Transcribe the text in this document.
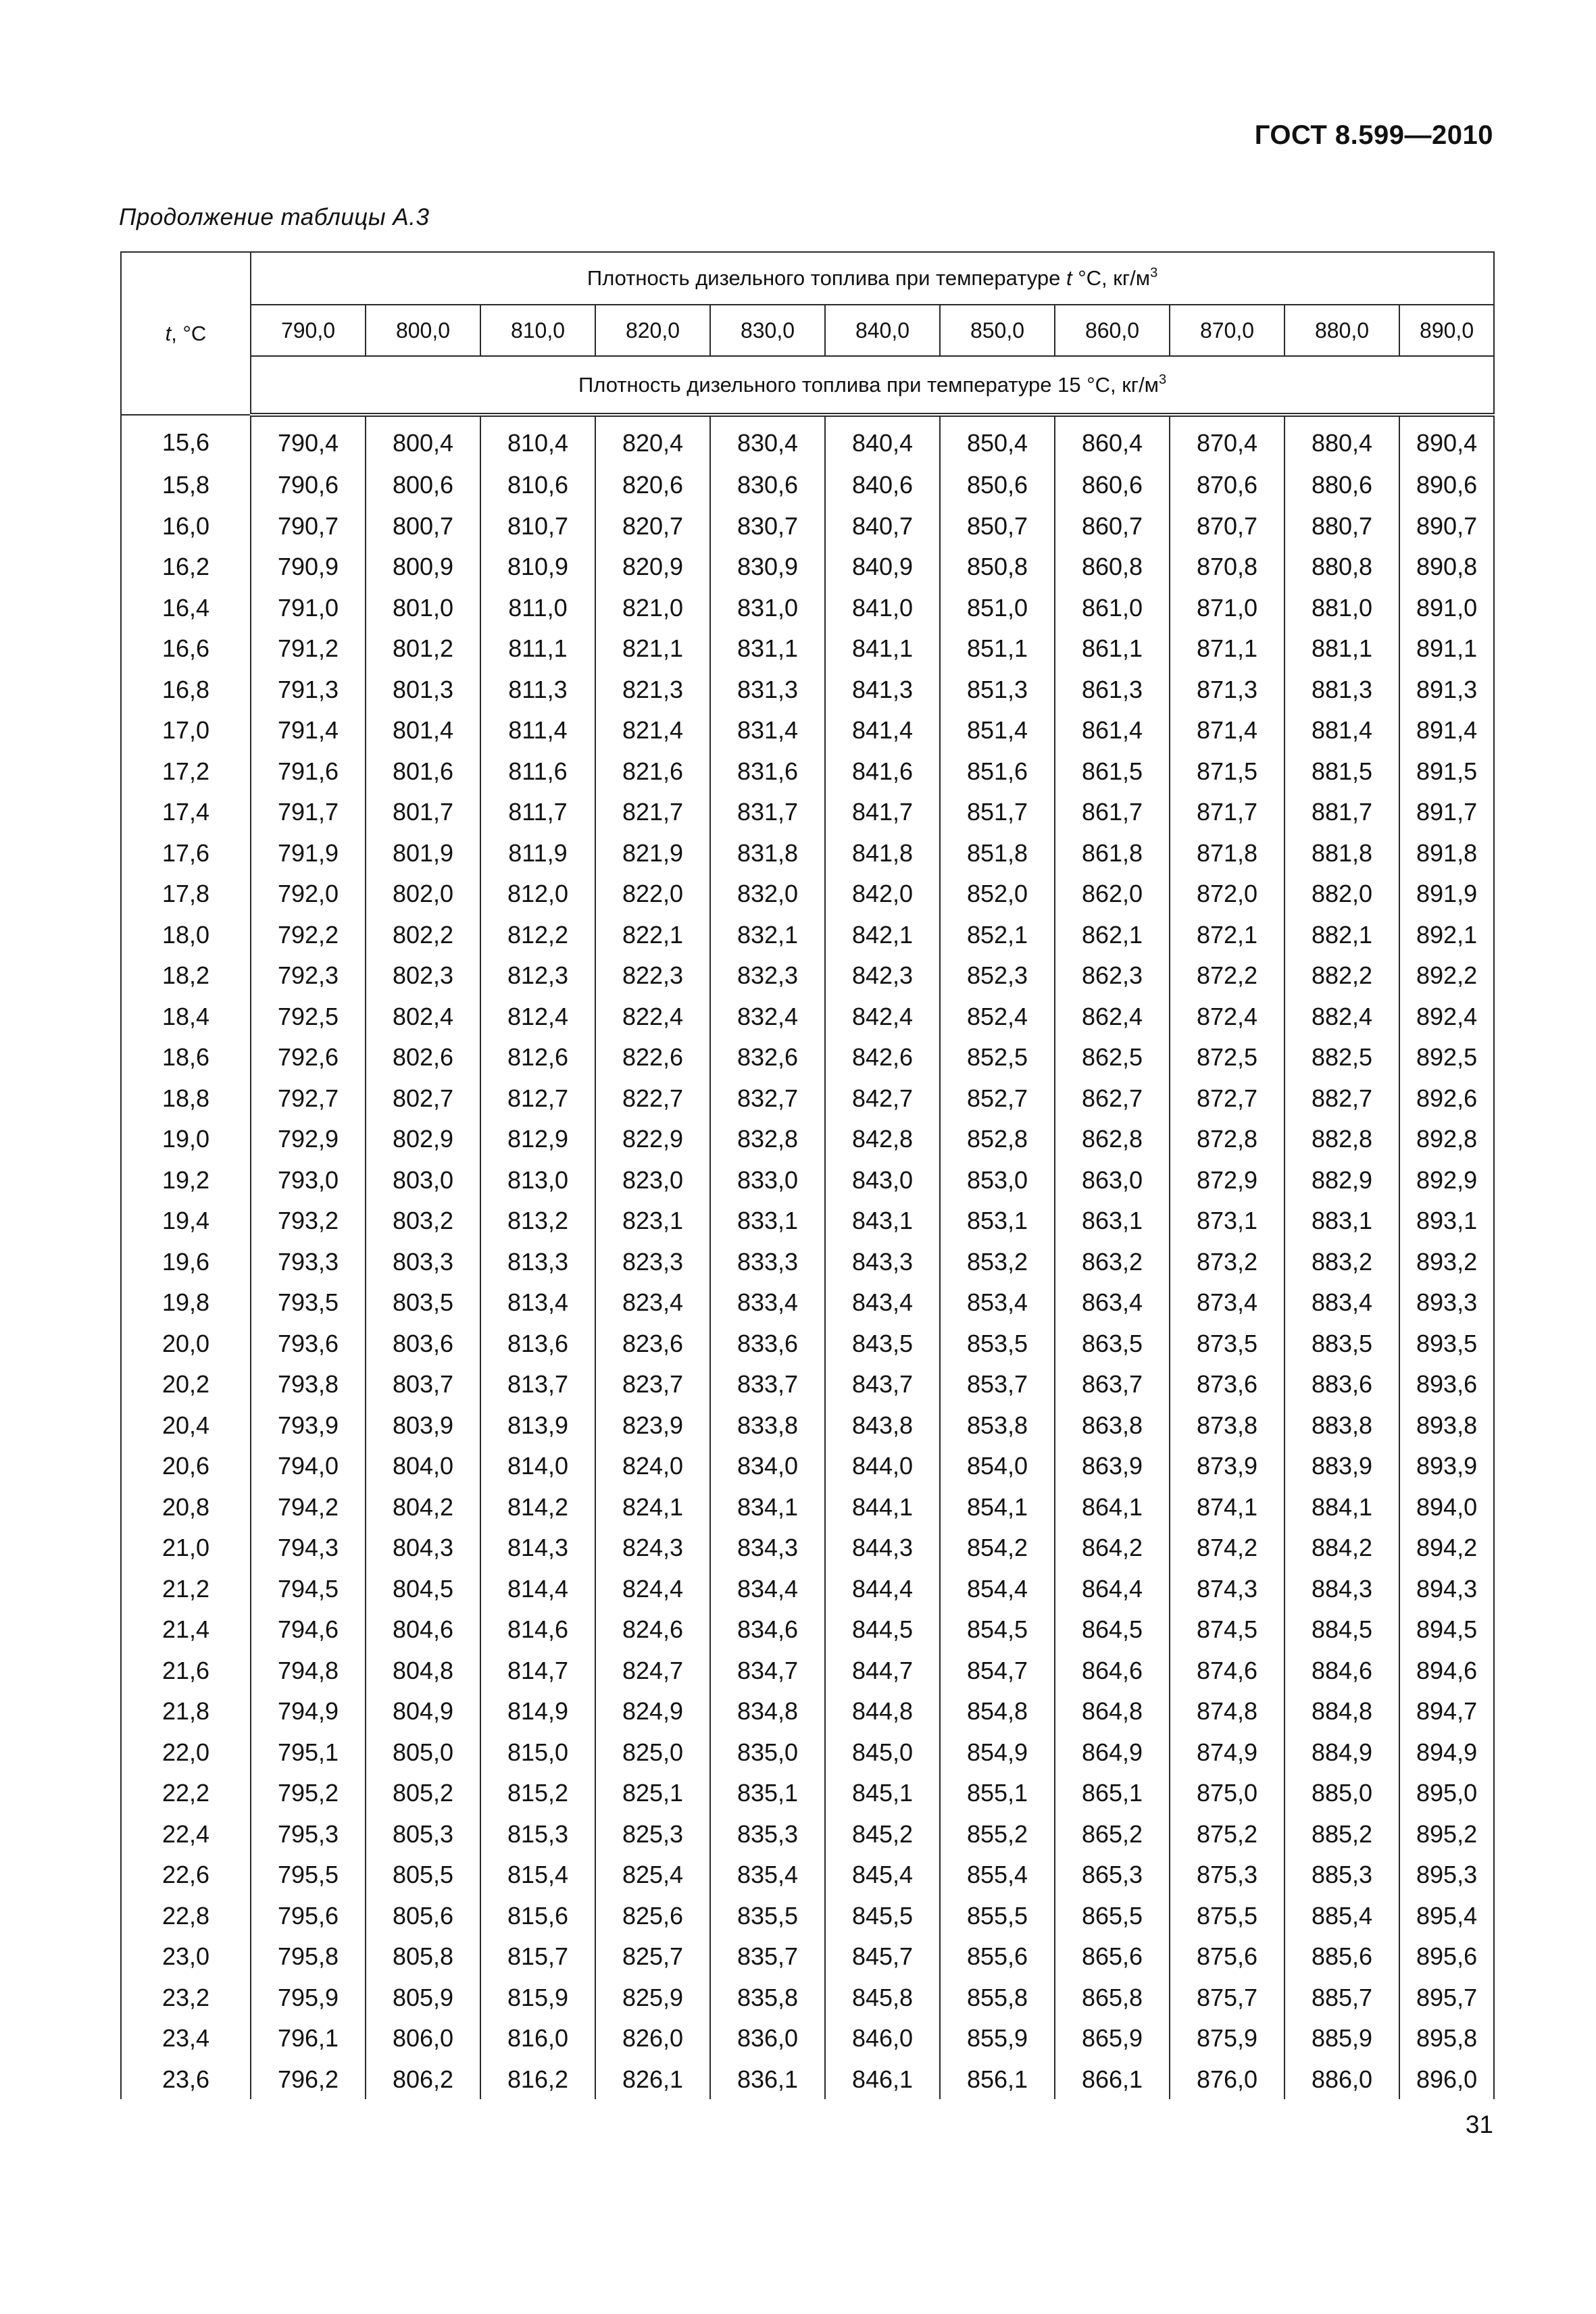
ГОСТ 8.599—2010
Продолжение таблицы А.3
t, °С	Плотность дизельного топлива при температуре t °С, $кг/м^3$
	790,0	800,0	810,0	820,0	830,0	840,0	850,0	860,0	870,0	880,0	890,0
	Плотность дизельного топлива при температуре 15 °С, $кг/м^3$
15,6	790,4	800,4	810,4	820,4	830,4	840,4	850,4	860,4	870,4	880,4	890,4
15,8	790,6	800,6	810,6	820,6	830,6	840,6	850,6	860,6	870,6	880,6	890,6
16,0	790,7	800,7	810,7	820,7	830,7	840,7	850,7	860,7	870,7	880,7	890,7
16,2	790,9	800,9	810,9	820,9	830,9	840,9	850,8	860,8	870,8	880,8	890,8
16,4	791,0	801,0	811,0	821,0	831,0	841,0	851,0	861,0	871,0	881,0	891,0
16,6	791,2	801,2	811,1	821,1	831,1	841,1	851,1	861,1	871,1	881,1	891,1
16,8	791,3	801,3	811,3	821,3	831,3	841,3	851,3	861,3	871,3	881,3	891,3
17,0	791,4	801,4	811,4	821,4	831,4	841,4	851,4	861,4	871,4	881,4	891,4
17,2	791,6	801,6	811,6	821,6	831,6	841,6	851,6	861,5	871,5	881,5	891,5
17,4	791,7	801,7	811,7	821,7	831,7	841,7	851,7	861,7	871,7	881,7	891,7
17,6	791,9	801,9	811,9	821,9	831,8	841,8	851,8	861,8	871,8	881,8	891,8
17,8	792,0	802,0	812,0	822,0	832,0	842,0	852,0	862,0	872,0	882,0	891,9
18,0	792,2	802,2	812,2	822,1	832,1	842,1	852,1	862,1	872,1	882,1	892,1
18,2	792,3	802,3	812,3	822,3	832,3	842,3	852,3	862,3	872,2	882,2	892,2
18,4	792,5	802,4	812,4	822,4	832,4	842,4	852,4	862,4	872,4	882,4	892,4
18,6	792,6	802,6	812,6	822,6	832,6	842,6	852,5	862,5	872,5	882,5	892,5
18,8	792,7	802,7	812,7	822,7	832,7	842,7	852,7	862,7	872,7	882,7	892,6
19,0	792,9	802,9	812,9	822,9	832,8	842,8	852,8	862,8	872,8	882,8	892,8
19,2	793,0	803,0	813,0	823,0	833,0	843,0	853,0	863,0	872,9	882,9	892,9
19,4	793,2	803,2	813,2	823,1	833,1	843,1	853,1	863,1	873,1	883,1	893,1
19,6	793,3	803,3	813,3	823,3	833,3	843,3	853,2	863,2	873,2	883,2	893,2
19,8	793,5	803,5	813,4	823,4	833,4	843,4	853,4	863,4	873,4	883,4	893,3
20,0	793,6	803,6	813,6	823,6	833,6	843,5	853,5	863,5	873,5	883,5	893,5
20,2	793,8	803,7	813,7	823,7	833,7	843,7	853,7	863,7	873,6	883,6	893,6
20,4	793,9	803,9	813,9	823,9	833,8	843,8	853,8	863,8	873,8	883,8	893,8
20,6	794,0	804,0	814,0	824,0	834,0	844,0	854,0	863,9	873,9	883,9	893,9
20,8	794,2	804,2	814,2	824,1	834,1	844,1	854,1	864,1	874,1	884,1	894,0
21,0	794,3	804,3	814,3	824,3	834,3	844,3	854,2	864,2	874,2	884,2	894,2
21,2	794,5	804,5	814,4	824,4	834,4	844,4	854,4	864,4	874,3	884,3	894,3
21,4	794,6	804,6	814,6	824,6	834,6	844,5	854,5	864,5	874,5	884,5	894,5
21,6	794,8	804,8	814,7	824,7	834,7	844,7	854,7	864,6	874,6	884,6	894,6
21,8	794,9	804,9	814,9	824,9	834,8	844,8	854,8	864,8	874,8	884,8	894,7
22,0	795,1	805,0	815,0	825,0	835,0	845,0	854,9	864,9	874,9	884,9	894,9
22,2	795,2	805,2	815,2	825,1	835,1	845,1	855,1	865,1	875,0	885,0	895,0
22,4	795,3	805,3	815,3	825,3	835,3	845,2	855,2	865,2	875,2	885,2	895,2
22,6	795,5	805,5	815,4	825,4	835,4	845,4	855,4	865,3	875,3	885,3	895,3
22,8	795,6	805,6	815,6	825,6	835,5	845,5	855,5	865,5	875,5	885,4	895,4
23,0	795,8	805,8	815,7	825,7	835,7	845,7	855,6	865,6	875,6	885,6	895,6
23,2	795,9	805,9	815,9	825,9	835,8	845,8	855,8	865,8	875,7	885,7	895,7
23,4	796,1	806,0	816,0	826,0	836,0	846,0	855,9	865,9	875,9	885,9	895,8
23,6	796,2	806,2	816,2	826,1	836,1	846,1	856,1	866,1	876,0	886,0	896,0
31
